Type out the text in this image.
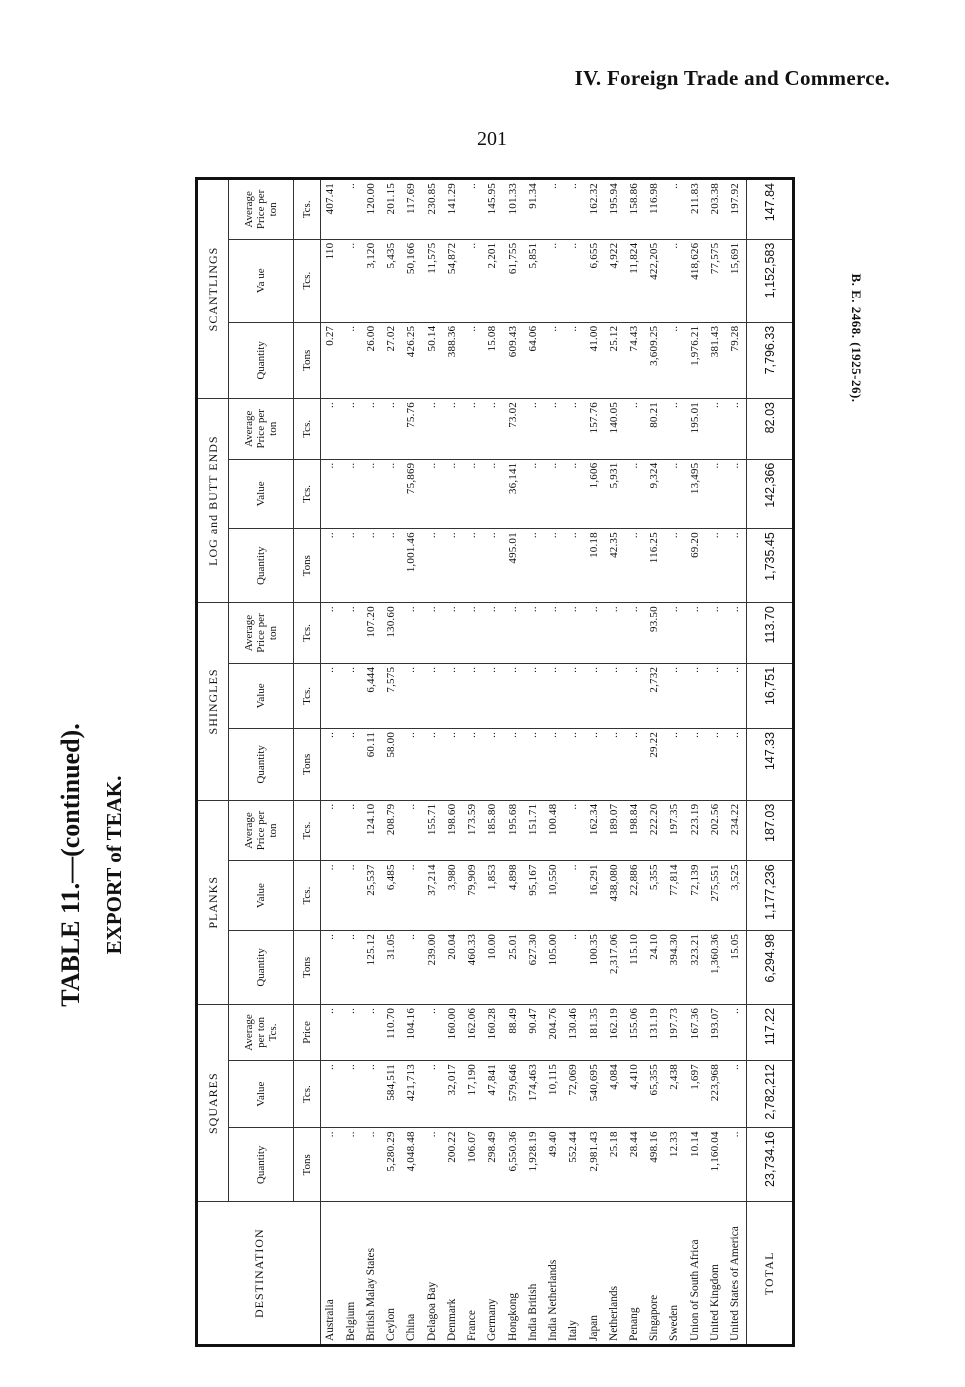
IV. Foreign Trade and Commerce.
201
TABLE 11.—(continued). EXPORT of TEAK.
B. E. 2468. (1925-26).
DESTINATION	SQUARES			PLANKS			SHINGLES			LOG and BUTT ENDS			SCANTLINGS		
	Quantity	Value	Average per ton Tcs.	Quantity	Value	Average Price per ton	Quantity	Value	Average Price per ton	Quantity	Value	Average Price per ton	Quantity	Va ue	Average Price per ton
	Tons	Tcs.	Price	Tons	Tcs.	Tcs.	Tons	Tcs.	Tcs.	Tons	Tcs.	Tcs.	Tons	Tcs.	Tcs.
Australia	..	..	..	..	..	..	..	..	..	..	..	..	0.27	110	407.41
Belgium	..	..	..	..	..	..	..	..	..	..	..	..	..	..	..
British Malay States	..	..	..	125.12	25,537	124.10	60.11	6,444	107.20	..	..	..	26.00	3,120	120.00
Ceylon	5,280.29	584,511	110.70	31.05	6,485	208.79	58.00	7,575	130.60	..	..	..	27.02	5,435	201.15
China	4,048.48	421,713	104.16	..	..	..	..	..	..	1,001.46	75,869	75.76	426.25	50,166	117.69
Delagoa Bay	..	..	..	239.00	37,214	155.71	..	..	..	..	..	..	50.14	11,575	230.85
Denmark	200.22	32,017	160.00	20.04	3,980	198.60	..	..	..	..	..	..	388.36	54,872	141.29
France	106.07	17,190	162.06	460.33	79,909	173.59	..	..	..	..	..	..	..	..	..
Germany	298.49	47,841	160.28	10.00	1,853	185.80	..	..	..	..	..	..	15.08	2,201	145.95
Hongkong	6,550.36	579,646	88.49	25.01	4,898	195.68	..	..	..	495.01	36,141	73.02	609.43	61,755	101.33
India British	1,928.19	174,463	90.47	627.30	95,167	151.71	..	..	..	..	..	..	64.06	5,851	91.34
India Netherlands	49.40	10,115	204.76	105.00	10,550	100.48	..	..	..	..	..	..	..	..	..
Italy	552.44	72,069	130.46	..	..	..	..	..	..	..	..	..	..	..	..
Japan	2,981.43	540,695	181.35	100.35	16,291	162.34	..	..	..	10.18	1,606	157.76	41.00	6,655	162.32
Netherlands	25.18	4,084	162.19	2,317.06	438,080	189.07	..	..	..	42.35	5,931	140.05	25.12	4,922	195.94
Penang	28.44	4,410	155.06	115.10	22,886	198.84	..	..	..	..	..	..	74.43	11,824	158.86
Singapore	498.16	65,355	131.19	24.10	5,355	222.20	29.22	2,732	93.50	116.25	9,324	80.21	3,609.25	422,205	116.98
Sweden	12.33	2,438	197.73	394.30	77,814	197.35	..	..	..	..	..	..	..	..	..
Union of South Africa	10.14	1,697	167.36	323.21	72,139	223.19	..	..	..	69.20	13,495	195.01	1,976.21	418,626	211.83
United Kingdom	1,160.04	223,968	193.07	1,360.36	275,551	202.56	..	..	..	..	..	..	381.43	77,575	203.38
United States of America	..	..	..	15.05	3,525	234.22	..	..	..	..	..	..	79.28	15,691	197.92
TOTAL	23,734.16	2,782,212	117.22	6,294.98	1,177,236	187.03	147.33	16,751	113.70	1,735.45	142,366	82.03	7,796.33	1,152,583	147.84
